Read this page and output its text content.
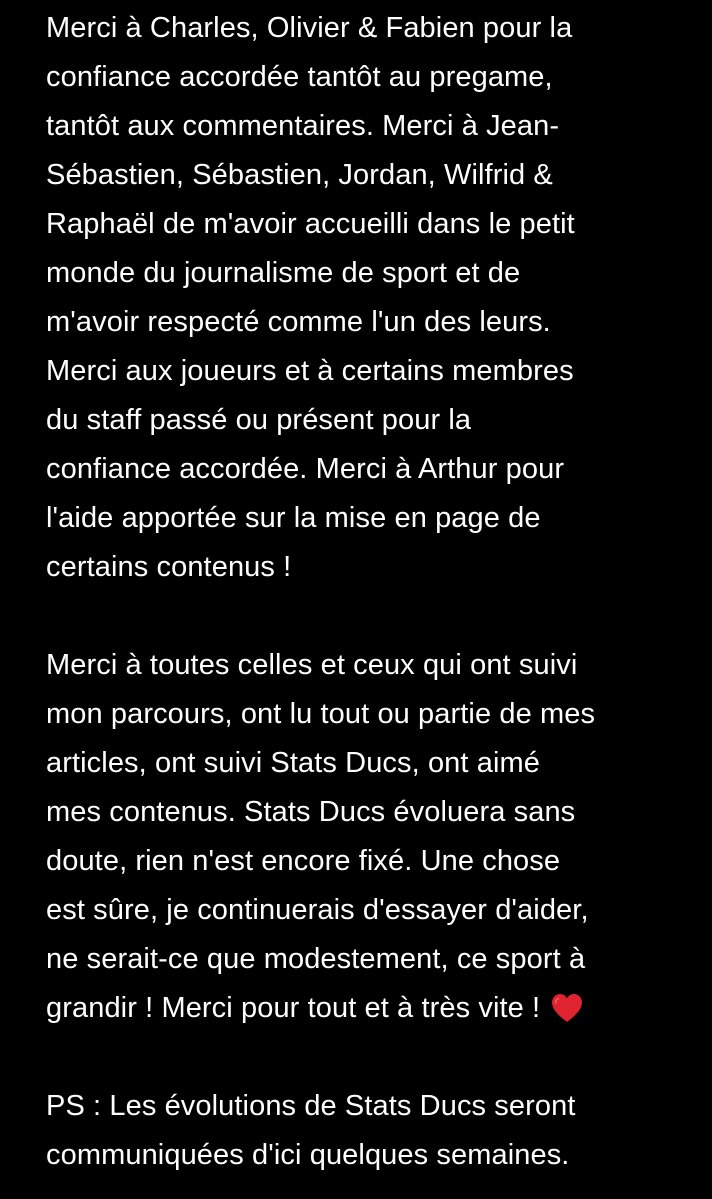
Merci à Charles, Olivier & Fabien pour la
confiance accordée tantôt au pregame,
tantôt aux commentaires. Merci à Jean-
Sébastien, Sébastien, Jordan, Wilfrid &
Raphaël de m'avoir accueilli dans le petit
monde du journalisme de sport et de
m'avoir respecté comme l'un des leurs.
Merci aux joueurs et à certains membres
du staff passé ou présent pour la
confiance accordée. Merci à Arthur pour
l'aide apportée sur la mise en page de
certains contenus !
Merci à toutes celles et ceux qui ont suivi
mon parcours, ont lu tout ou partie de mes
articles, ont suivi Stats Ducs, ont aimé
mes contenus. Stats Ducs évoluera sans
doute, rien n'est encore fixé. Une chose
est sûre, je continuerais d'essayer d'aider,
ne serait-ce que modestement, ce sport à
grandir ! Merci pour tout et à très vite !
PS : Les évolutions de Stats Ducs seront
communiquées d'ici quelques semaines.
